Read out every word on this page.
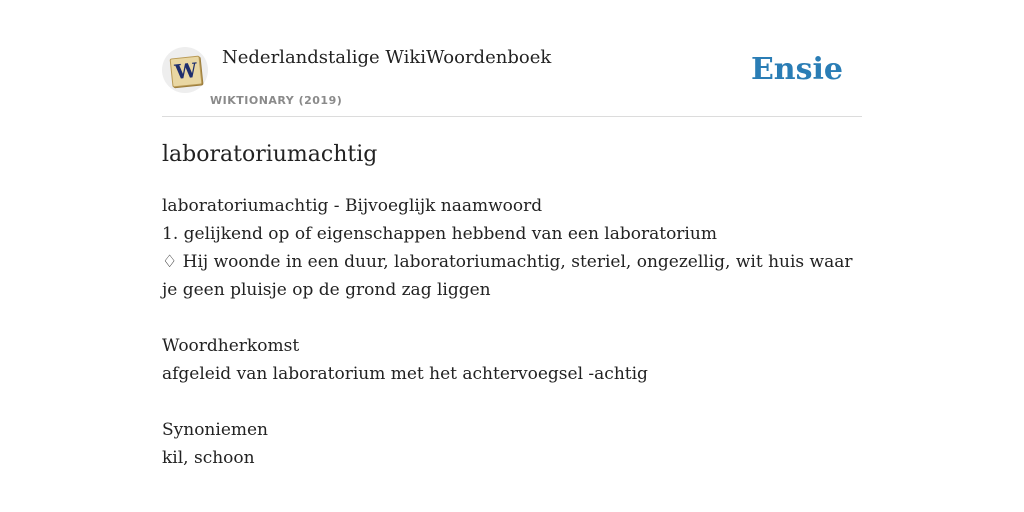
W
Nederlandstalige WikiWoordenboek
WIKTIONARY (2019)
Ensie
laboratoriumachtig

laboratoriumachtig - Bijvoeglijk naamwoord

1. gelijkend op of eigenschappen hebbend van een laboratorium

♢ Hij woonde in een duur, laboratoriumachtig, steriel, ongezellig, wit huis waar je geen pluisje op de grond zag liggen

Woordherkomst

afgeleid van laboratorium met het achtervoegsel -achtig

Synoniemen

kil, schoon
